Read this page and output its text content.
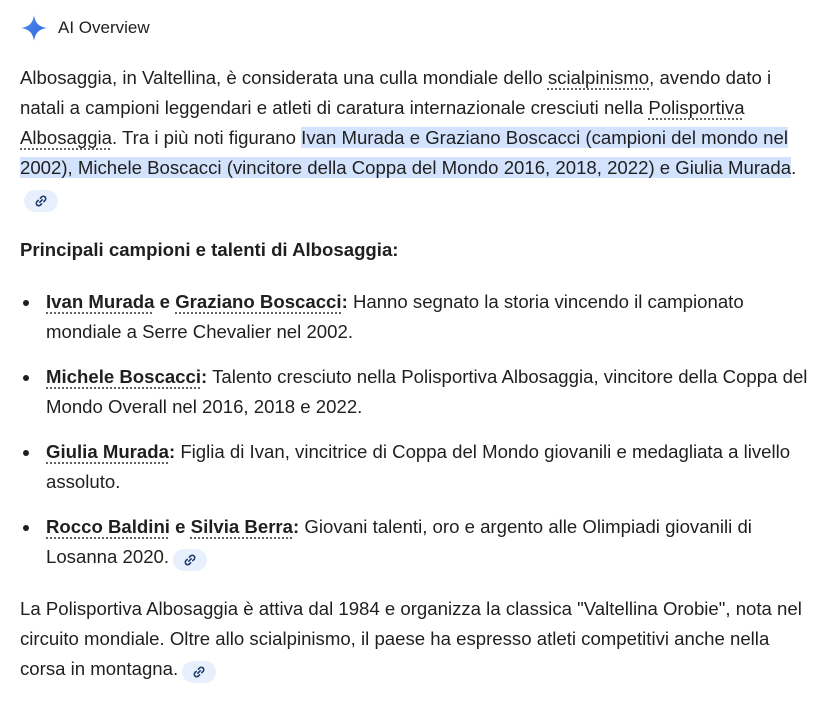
AI Overview

Albosaggia, in Valtellina, è considerata una culla mondiale dello scialpinismo, avendo dato i natali a campioni leggendari e atleti di caratura internazionale cresciuti nella Polisportiva Albosaggia. Tra i più noti figurano Ivan Murada e Graziano Boscacci (campioni del mondo nel 2002), Michele Boscacci (vincitore della Coppa del Mondo 2016, 2018, 2022) e Giulia Murada.

Principali campioni e talenti di Albosaggia:

Ivan Murada e Graziano Boscacci: Hanno segnato la storia vincendo il campionato mondiale a Serre Chevalier nel 2002.
Michele Boscacci: Talento cresciuto nella Polisportiva Albosaggia, vincitore della Coppa del Mondo Overall nel 2016, 2018 e 2022.
Giulia Murada: Figlia di Ivan, vincitrice di Coppa del Mondo giovanili e medagliata a livello assoluto.
Rocco Baldini e Silvia Berra: Giovani talenti, oro e argento alle Olimpiadi giovanili di Losanna 2020.

La Polisportiva Albosaggia è attiva dal 1984 e organizza la classica "Valtellina Orobie", nota nel circuito mondiale. Oltre allo scialpinismo, il paese ha espresso atleti competitivi anche nella corsa in montagna.
